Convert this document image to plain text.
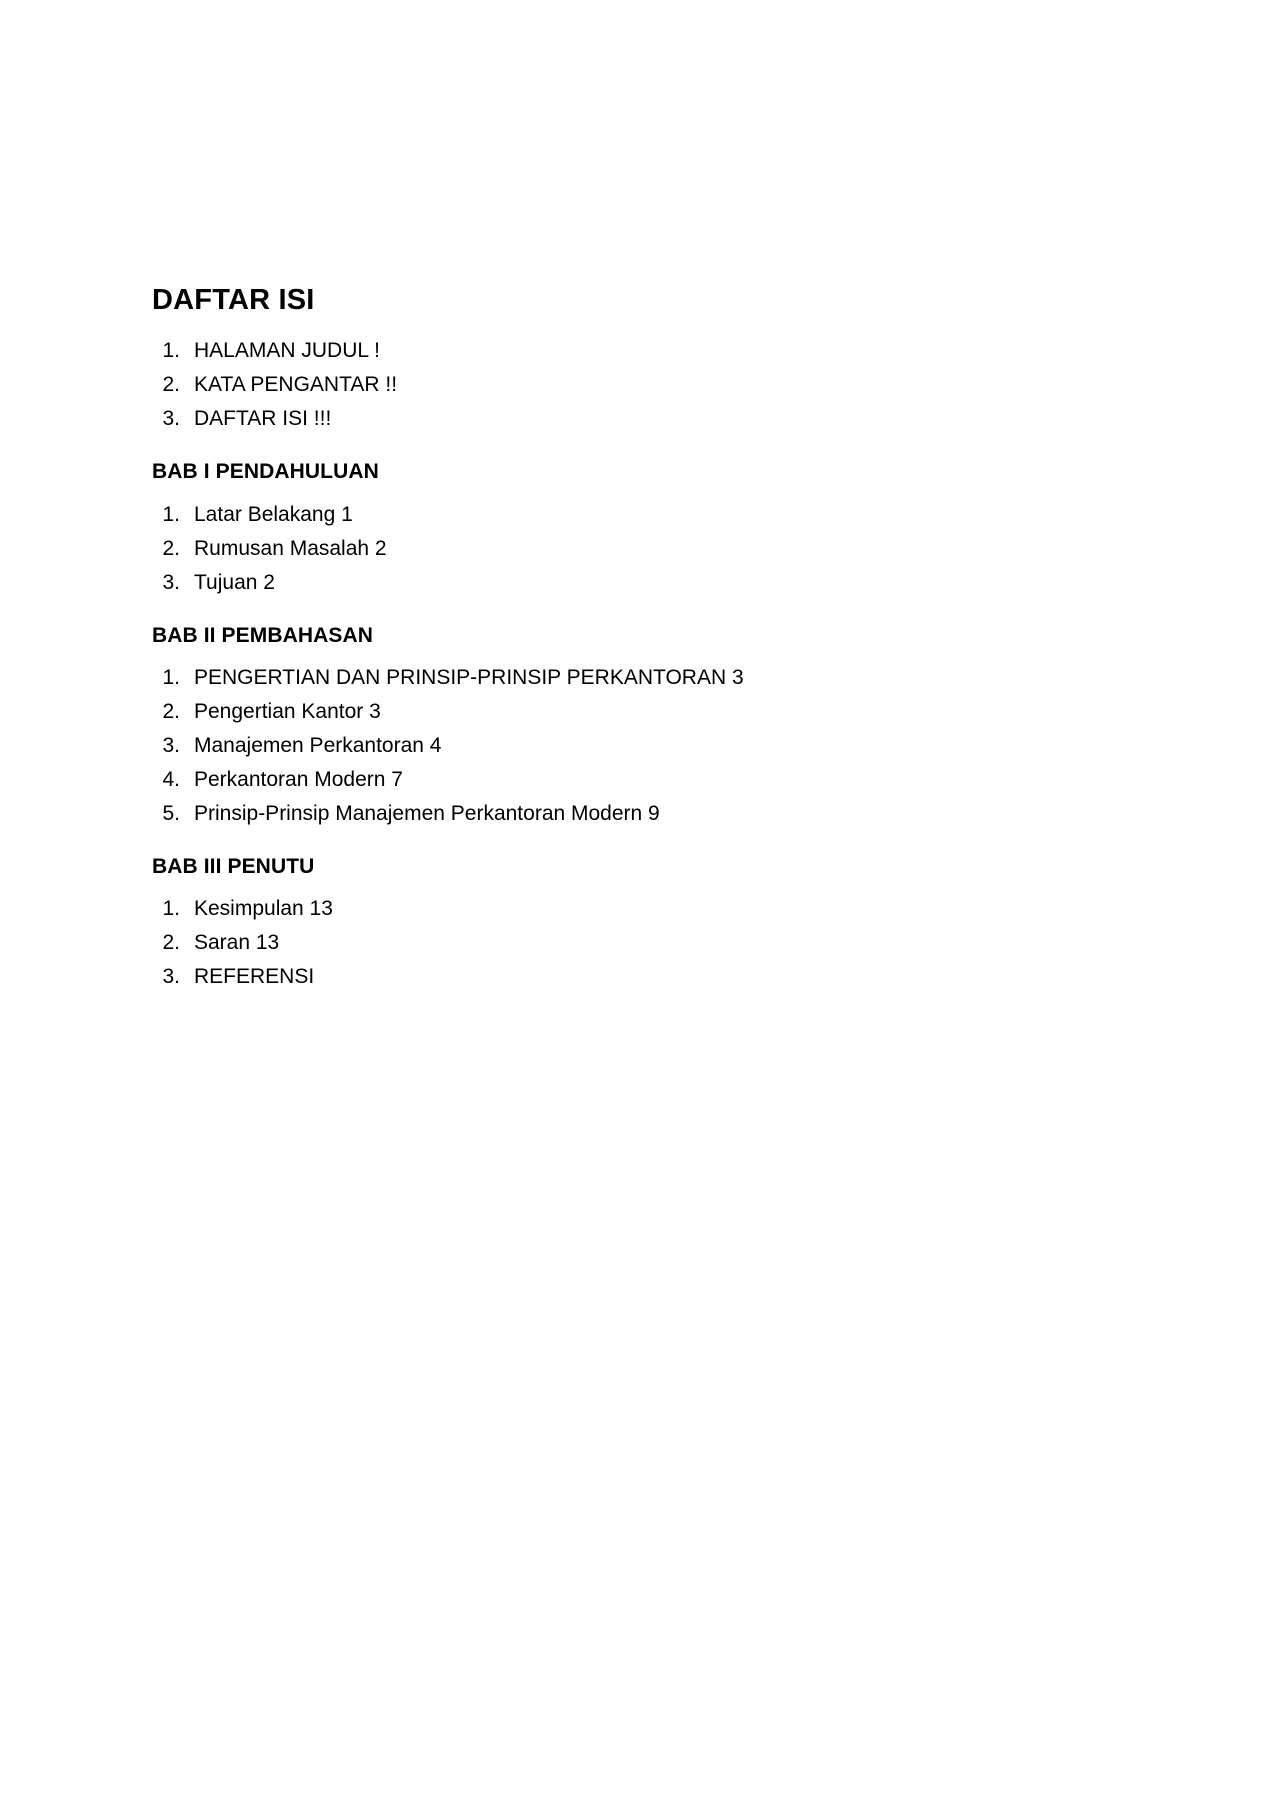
DAFTAR ISI
1. HALAMAN JUDUL !
2. KATA PENGANTAR !!
3. DAFTAR ISI !!!
BAB I PENDAHULUAN
1. Latar Belakang 1
2. Rumusan Masalah 2
3. Tujuan 2
BAB II PEMBAHASAN
1. PENGERTIAN DAN PRINSIP-PRINSIP PERKANTORAN 3
2. Pengertian Kantor 3
3. Manajemen Perkantoran 4
4. Perkantoran Modern 7
5. Prinsip-Prinsip Manajemen Perkantoran Modern 9
BAB III PENUTU
1. Kesimpulan 13
2. Saran 13
3. REFERENSI
